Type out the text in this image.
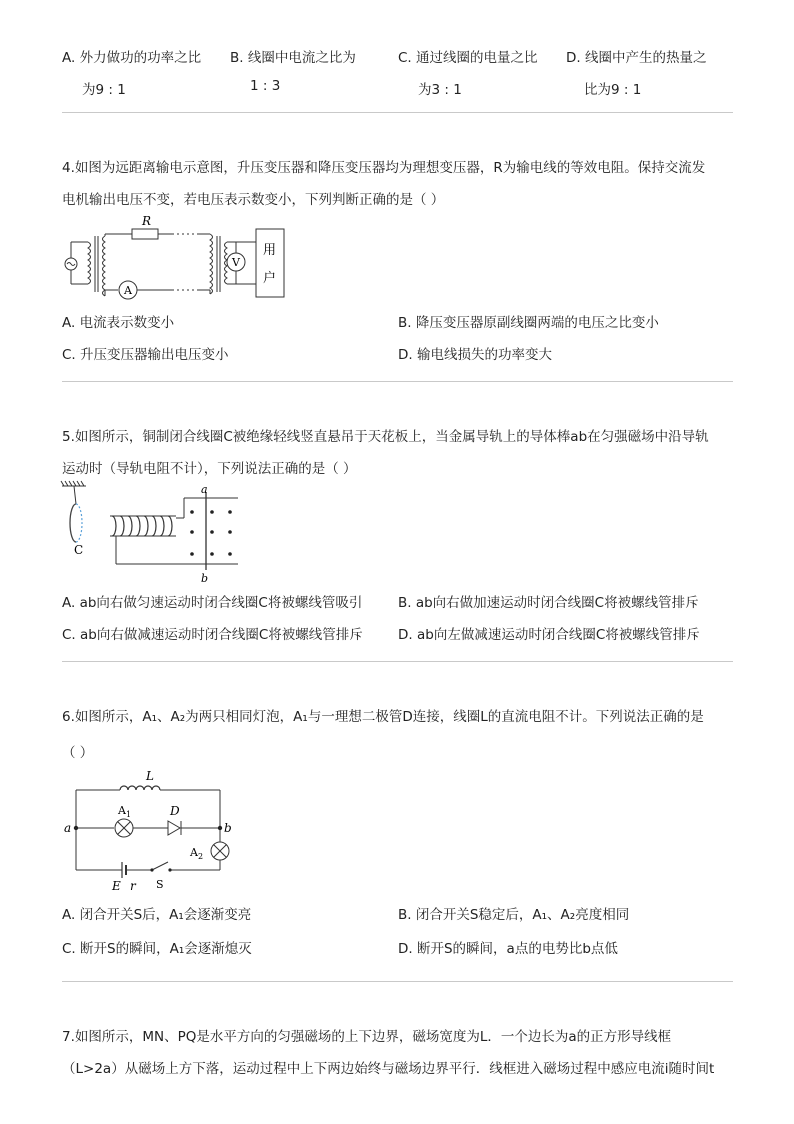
A. 外力做功的功率之比
为9 : 1
B. 线圈中电流之比为
1 : 3
C. 通过线圈的电量之比
为3 : 1
D. 线圈中产生的热量之
比为9 : 1
4.如图为远距离输电示意图，升压变压器和降压变压器均为理想变压器，R为输电线的等效电阻。保持交流发
电机输出电压不变，若电压表示数变小，下列判断正确的是（ ）
R
A
V
用
户
A. 电流表示数变小	B. 降压变压器原副线圈两端的电压之比变小
C. 升压变压器输出电压变小	D. 输电线损失的功率变大
5.如图所示，铜制闭合线圈C被绝缘轻线竖直悬吊于天花板上，当金属导轨上的导体棒ab在匀强磁场中沿导轨
运动时（导轨电阻不计），下列说法正确的是（ ）
a
b
C
A. ab向右做匀速运动时闭合线圈C将被螺线管吸引	B. ab向右做加速运动时闭合线圈C将被螺线管排斥
C. ab向右做减速运动时闭合线圈C将被螺线管排斥	D. ab向左做减速运动时闭合线圈C将被螺线管排斥
6.如图所示，A₁、A₂为两只相同灯泡，A₁与一理想二极管D连接，线圈L的直流电阻不计。下列说法正确的是
（ ）
L
A 1	D
a	b
A 2
E r S
A. 闭合开关S后，A₁会逐渐变亮	B. 闭合开关S稳定后，A₁、A₂亮度相同
C. 断开S的瞬间，A₁会逐渐熄灭	D. 断开S的瞬间，a点的电势比b点低
7.如图所示，MN、PQ是水平方向的匀强磁场的上下边界，磁场宽度为L．一个边长为a的正方形导线框
（L>2a）从磁场上方下落，运动过程中上下两边始终与磁场边界平行．线框进入磁场过程中感应电流i随时间t
